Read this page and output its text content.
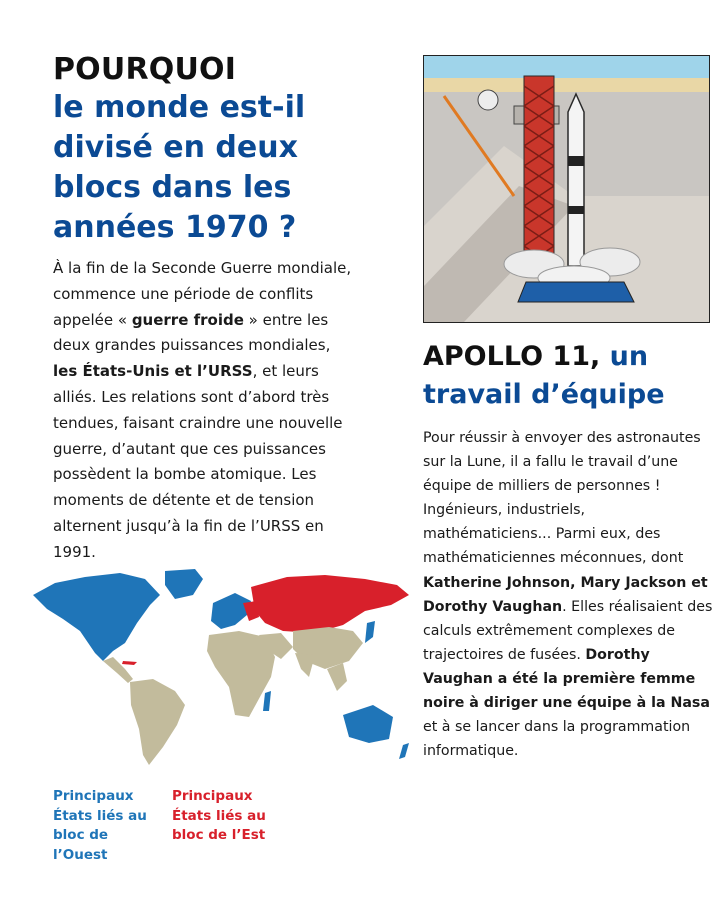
POURQUOI
le monde est-il divisé en deux blocs dans les années 1970 ?
À la fin de la Seconde Guerre mondiale, commence une période de conflits appelée « guerre froide » entre les deux grandes puissances mondiales, les États-Unis et l’URSS, et leurs alliés. Les relations sont d’abord très tendues, faisant craindre une nouvelle guerre, d’autant que ces puissances possèdent la bombe atomique. Les moments de détente et de tension alternent jusqu’à la fin de l’URSS en 1991.
Principaux États liés au bloc de l’Ouest
Principaux États liés au bloc de l’Est
APOLLO 11, un travail d’équipe
Pour réussir à envoyer des astronautes sur la Lune, il a fallu le travail d’une équipe de milliers de personnes ! Ingénieurs, industriels, mathématiciens... Parmi eux, des mathématiciennes méconnues, dont Katherine Johnson, Mary Jackson et Dorothy Vaughan. Elles réalisaient des calculs extrêmement complexes de trajectoires de fusées. Dorothy Vaughan a été la première femme noire à diriger une équipe à la Nasa et à se lancer dans la programmation informatique.
